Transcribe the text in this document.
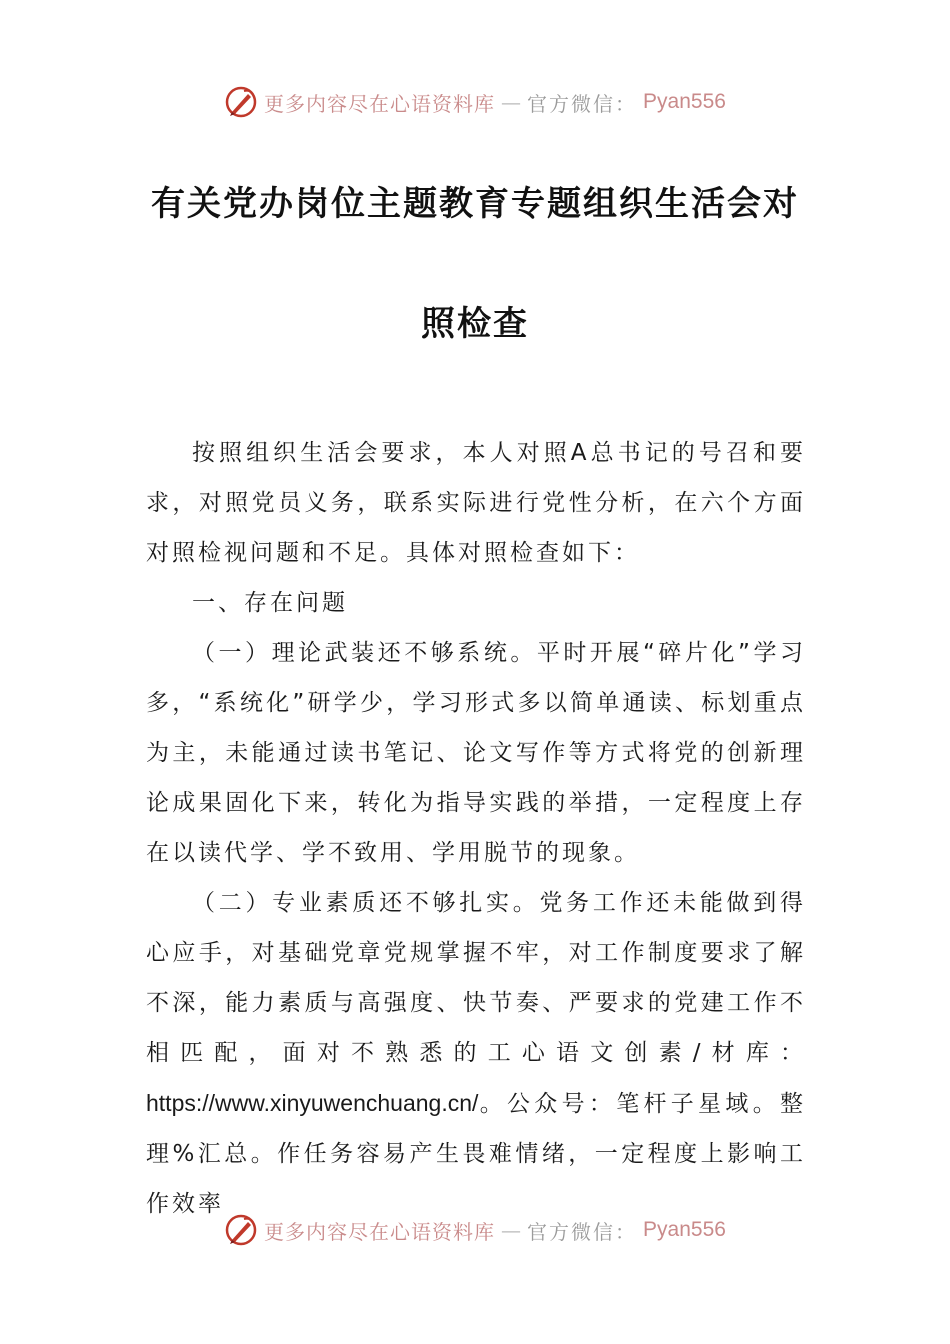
更多内容尽在心语资料库 — 官方微信： Pyan556
有关党办岗位主题教育专题组织生活会对
照检查

按照组织生活会要求，本人对照A总书记的号召和要求，对照党员义务，联系实际进行党性分析，在六个方面对照检视问题和不足。具体对照检查如下：

一、存在问题

（一）理论武装还不够系统。平时开展“碎片化”学习多，“系统化”研学少，学习形式多以简单通读、标划重点为主，未能通过读书笔记、论文写作等方式将党的创新理论成果固化下来，转化为指导实践的举措，一定程度上存在以读代学、学不致用、学用脱节的现象。

（二）专业素质还不够扎实。党务工作还未能做到得心应手，对基础党章党规掌握不牢，对工作制度要求了解不深，能力素质与高强度、快节奏、严要求的党建工作不相匹配，面对不熟悉的工心语文创素/材库：https://www.xinyuwenchuang.cn/。公众号：笔杆子星域。整理%汇总。作任务容易产生畏难情绪，一定程度上影响工作效率

更多内容尽在心语资料库 — 官方微信： Pyan556
